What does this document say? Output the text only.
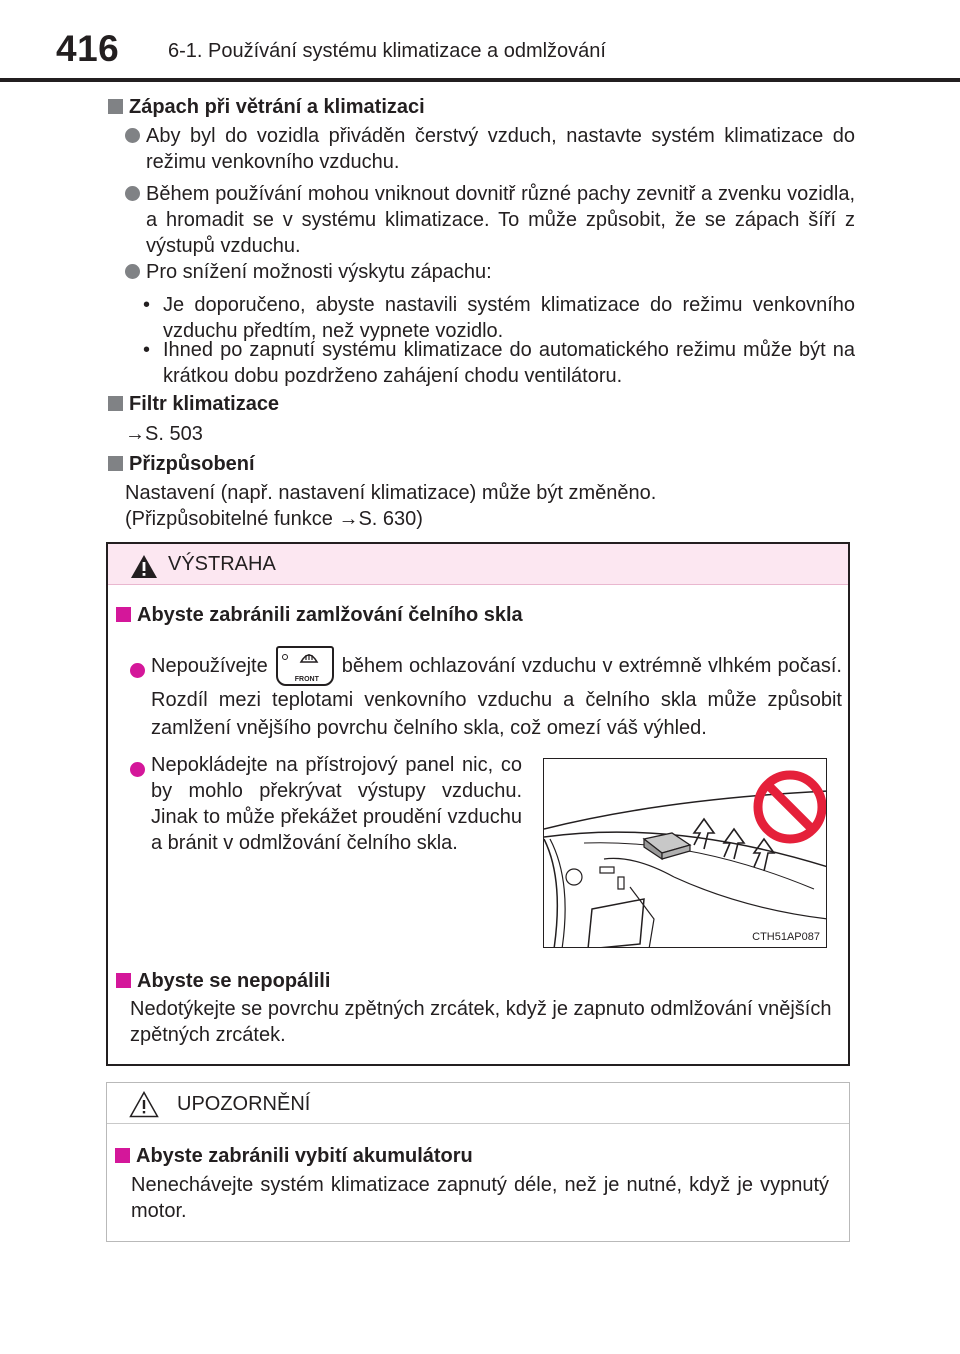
416 6-1. Používání systému klimatizace a odmlžování
Zápach při větrání a klimatizaci
Aby byl do vozidla přiváděn čerstvý vzduch, nastavte systém klimatizace do režimu venkovního vzduchu.
Během používání mohou vniknout dovnitř různé pachy zevnitř a zvenku vozidla, a hromadit se v systému klimatizace. To může způsobit, že se zápach šíří z výstupů vzduchu.
Pro snížení možnosti výskytu zápachu:
• Je doporučeno, abyste nastavili systém klimatizace do režimu venkovního vzduchu předtím, než vypnete vozidlo.
• Ihned po zapnutí systému klimatizace do automatického režimu může být na krátkou dobu pozdrženo zahájení chodu ventilátoru.
Filtr klimatizace
→S. 503
Přizpůsobení
Nastavení (např. nastavení klimatizace) může být změněno.
(Přizpůsobitelné funkce →S. 630)
VÝSTRAHA
Abyste zabránili zamlžování čelního skla
Nepoužívejte
FRONT
během ochlazování vzduchu v extrémně vlhkém počasí. Rozdíl mezi teplotami venkovního vzduchu a čelního skla může způsobit zamlžení vnějšího povrchu čelního skla, což omezí váš výhled.
Nepokládejte na přístrojový panel nic, co by mohlo překrývat výstupy vzduchu. Jinak to může překážet proudění vzduchu a bránit v odmlžování čelního skla.
Abyste se nepopálili
Nedotýkejte se povrchu zpětných zrcátek, když je zapnuto odmlžování vnějších zpětných zrcátek.
CTH51AP087
UPOZORNĚNÍ
Abyste zabránili vybití akumulátoru
Nenechávejte systém klimatizace zapnutý déle, než je nutné, když je vypnutý motor.
